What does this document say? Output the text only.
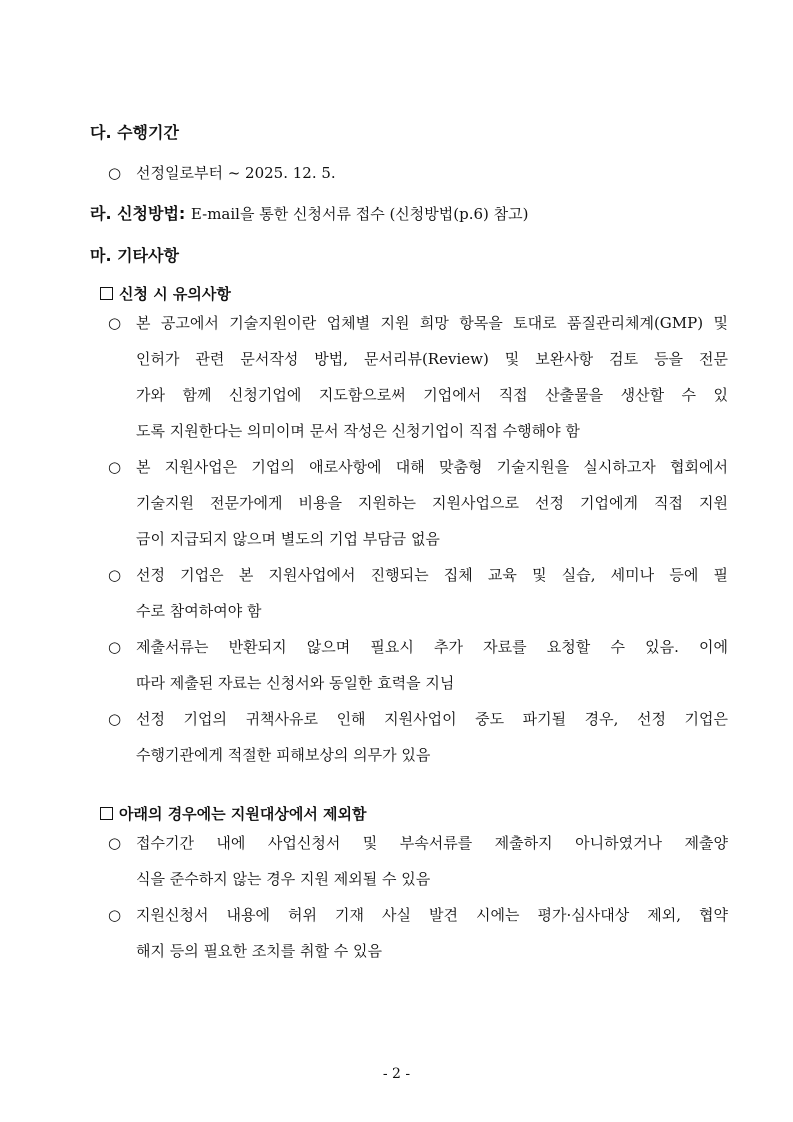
다. 수행기간
○ 선정일로부터 ~ 2025. 12. 5.
라. 신청방법: E-mail을 통한 신청서류 접수 (신청방법(p.6) 참고)
마. 기타사항
신청 시 유의사항
○ 본 공고에서 기술지원이란 업체별 지원 희망 항목을 토대로 품질관리체계(GMP) 및
인허가 관련 문서작성 방법, 문서리뷰(Review) 및 보완사항 검토 등을 전문
가와 함께 신청기업에 지도함으로써 기업에서 직접 산출물을 생산할 수 있
도록 지원한다는 의미이며 문서 작성은 신청기업이 직접 수행해야 함
○ 본 지원사업은 기업의 애로사항에 대해 맞춤형 기술지원을 실시하고자 협회에서
기술지원 전문가에게 비용을 지원하는 지원사업으로 선정 기업에게 직접 지원
금이 지급되지 않으며 별도의 기업 부담금 없음
○ 선정 기업은 본 지원사업에서 진행되는 집체 교육 및 실습, 세미나 등에 필
수로 참여하여야 함
○ 제출서류는 반환되지 않으며 필요시 추가 자료를 요청할 수 있음. 이에
따라 제출된 자료는 신청서와 동일한 효력을 지님
○ 선정 기업의 귀책사유로 인해 지원사업이 중도 파기될 경우, 선정 기업은
수행기관에게 적절한 피해보상의 의무가 있음
아래의 경우에는 지원대상에서 제외함
○ 접수기간 내에 사업신청서 및 부속서류를 제출하지 아니하였거나 제출양
식을 준수하지 않는 경우 지원 제외될 수 있음
○ 지원신청서 내용에 허위 기재 사실 발견 시에는 평가·심사대상 제외, 협약
해지 등의 필요한 조치를 취할 수 있음
- 2 -
